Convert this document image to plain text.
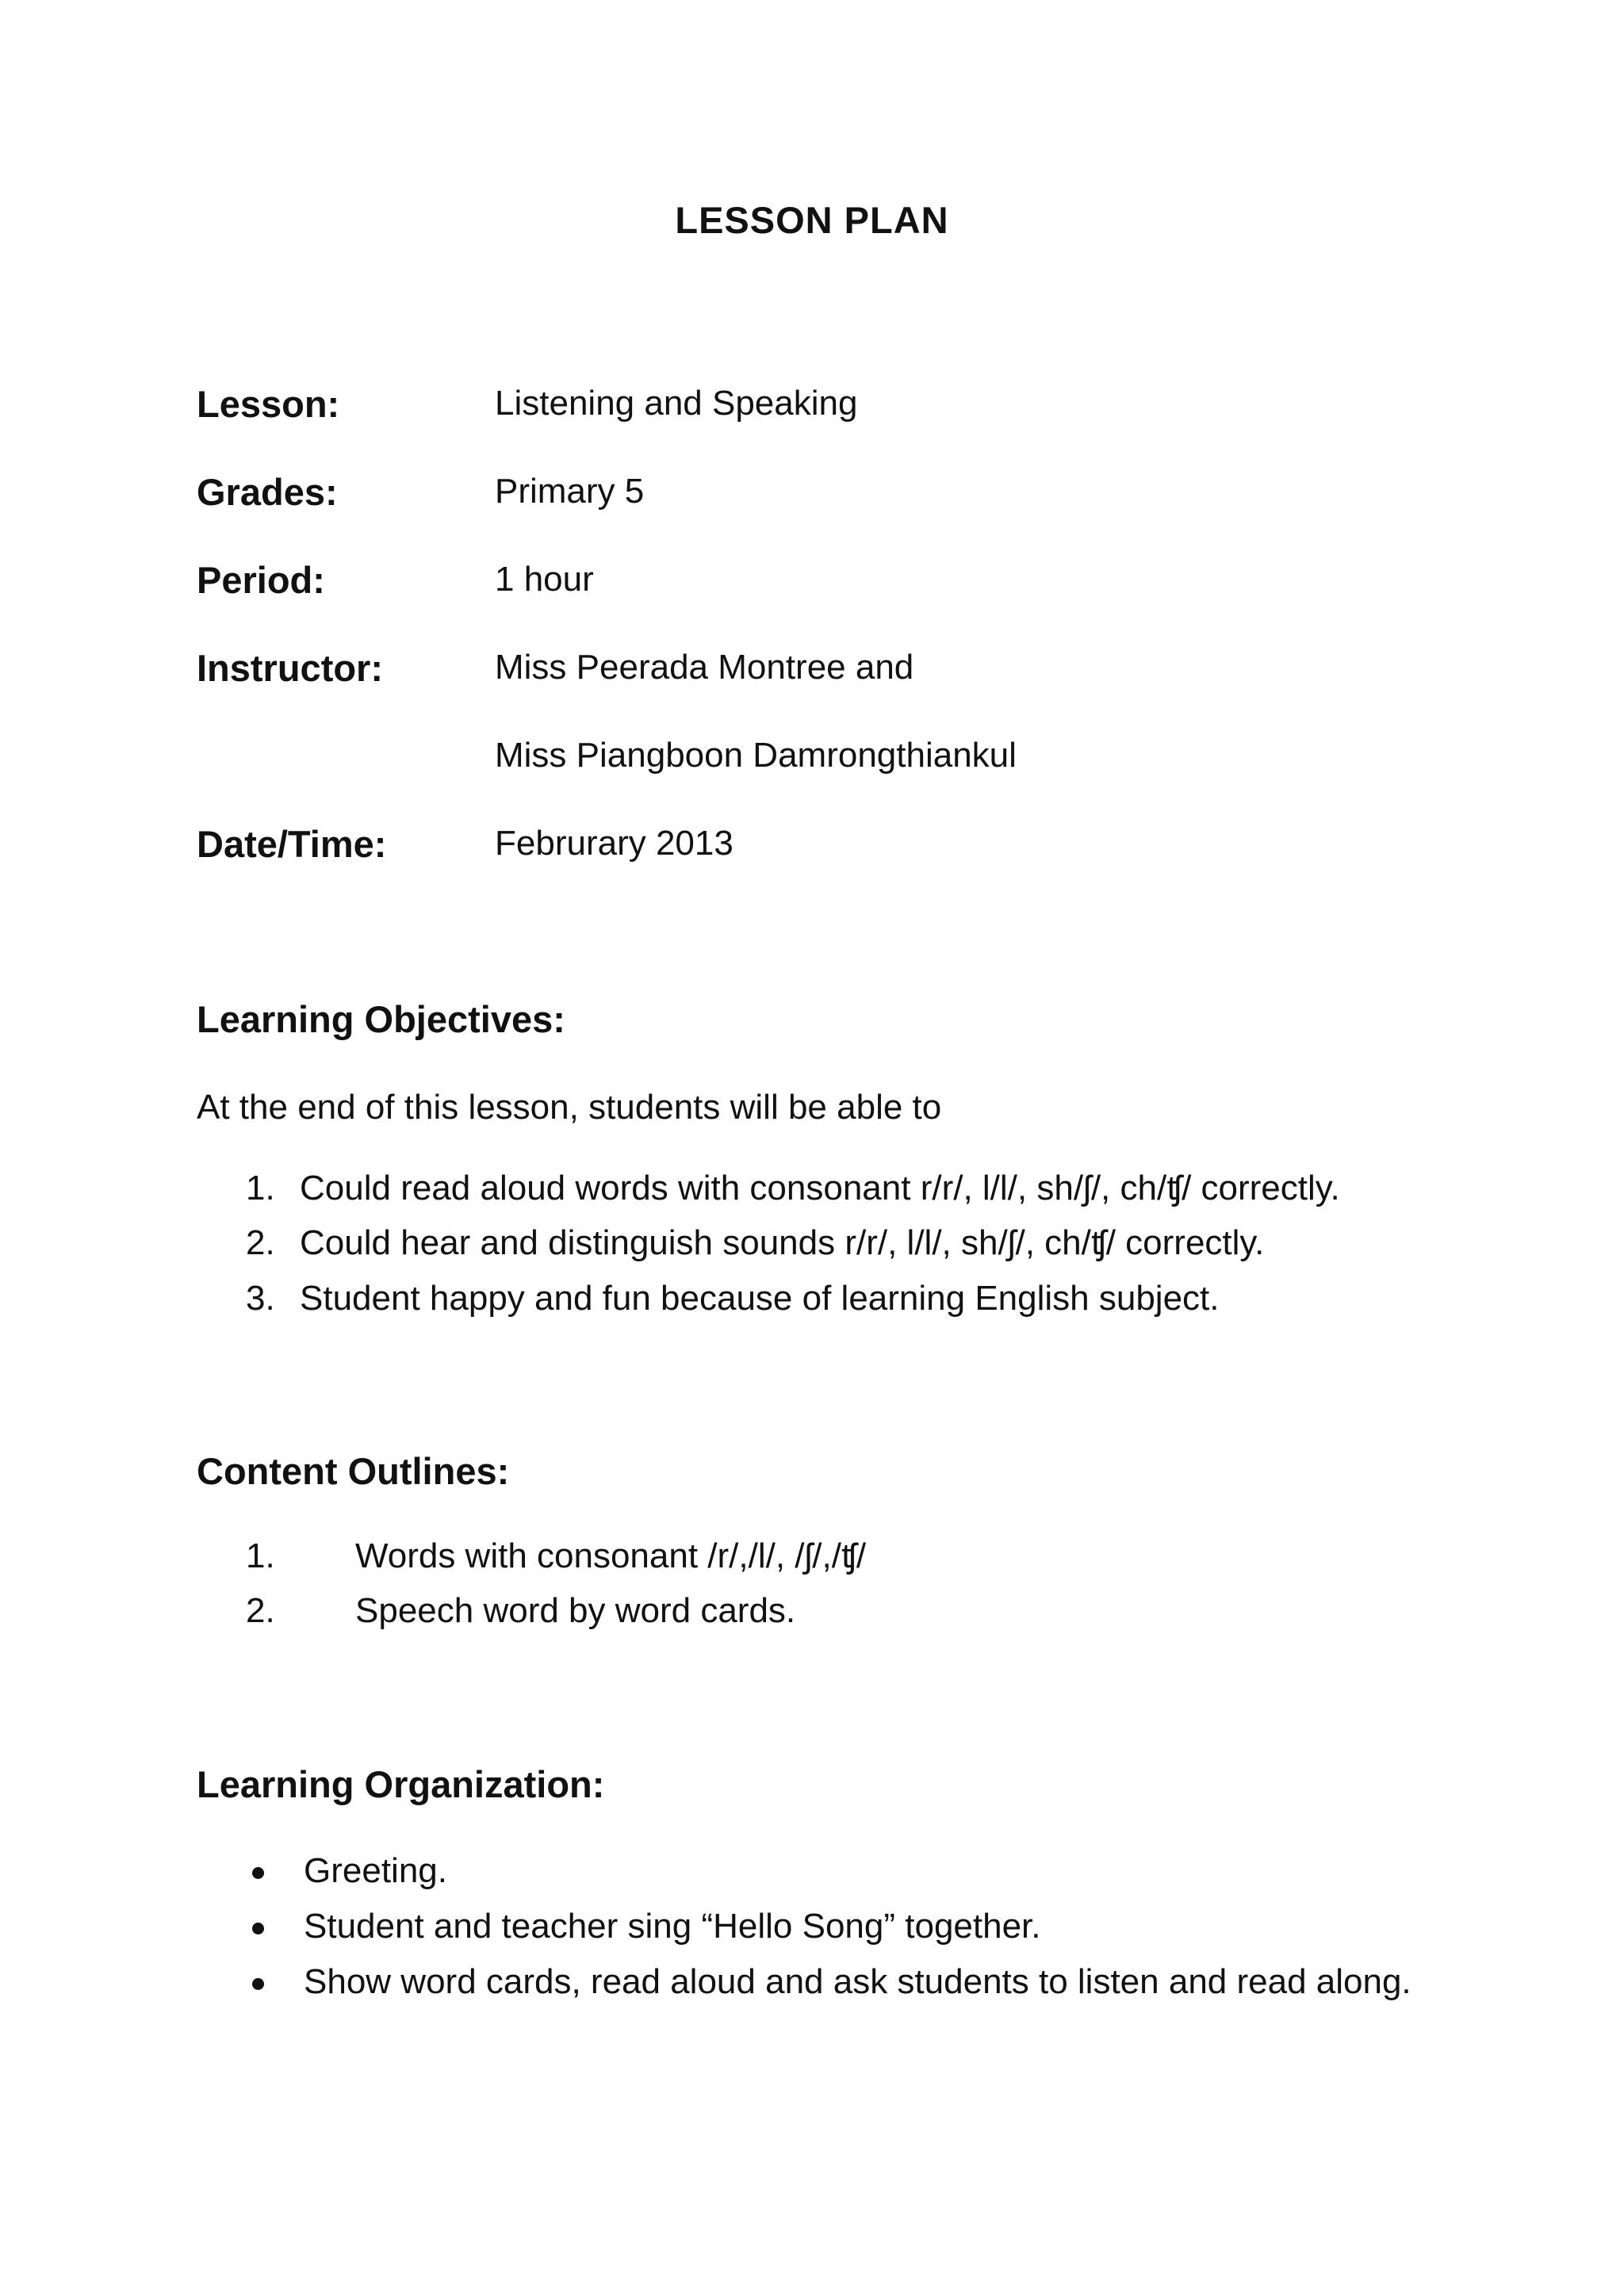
LESSON PLAN
Lesson:	Listening and Speaking
Grades:	Primary 5
Period:	1 hour
Instructor:	Miss Peerada Montree and
Miss Piangboon Damrongthiankul
Date/Time:	Februrary 2013
Learning Objectives:
At the end of this lesson, students will be able to
1. Could read aloud words with consonant r/r/, l/l/, sh/ʃ/, ch/ʧ/ correctly.
2. Could hear and distinguish sounds r/r/, l/l/, sh/ʃ/, ch/ʧ/ correctly.
3. Student happy and fun because of learning English subject.
Content Outlines:
1. Words with consonant /r/,/l/, /ʃ/,/ʧ/
2. Speech word by word cards.
Learning Organization:
Greeting.
Student and teacher sing “Hello Song” together.
Show word cards, read aloud and ask students to listen and read along.
